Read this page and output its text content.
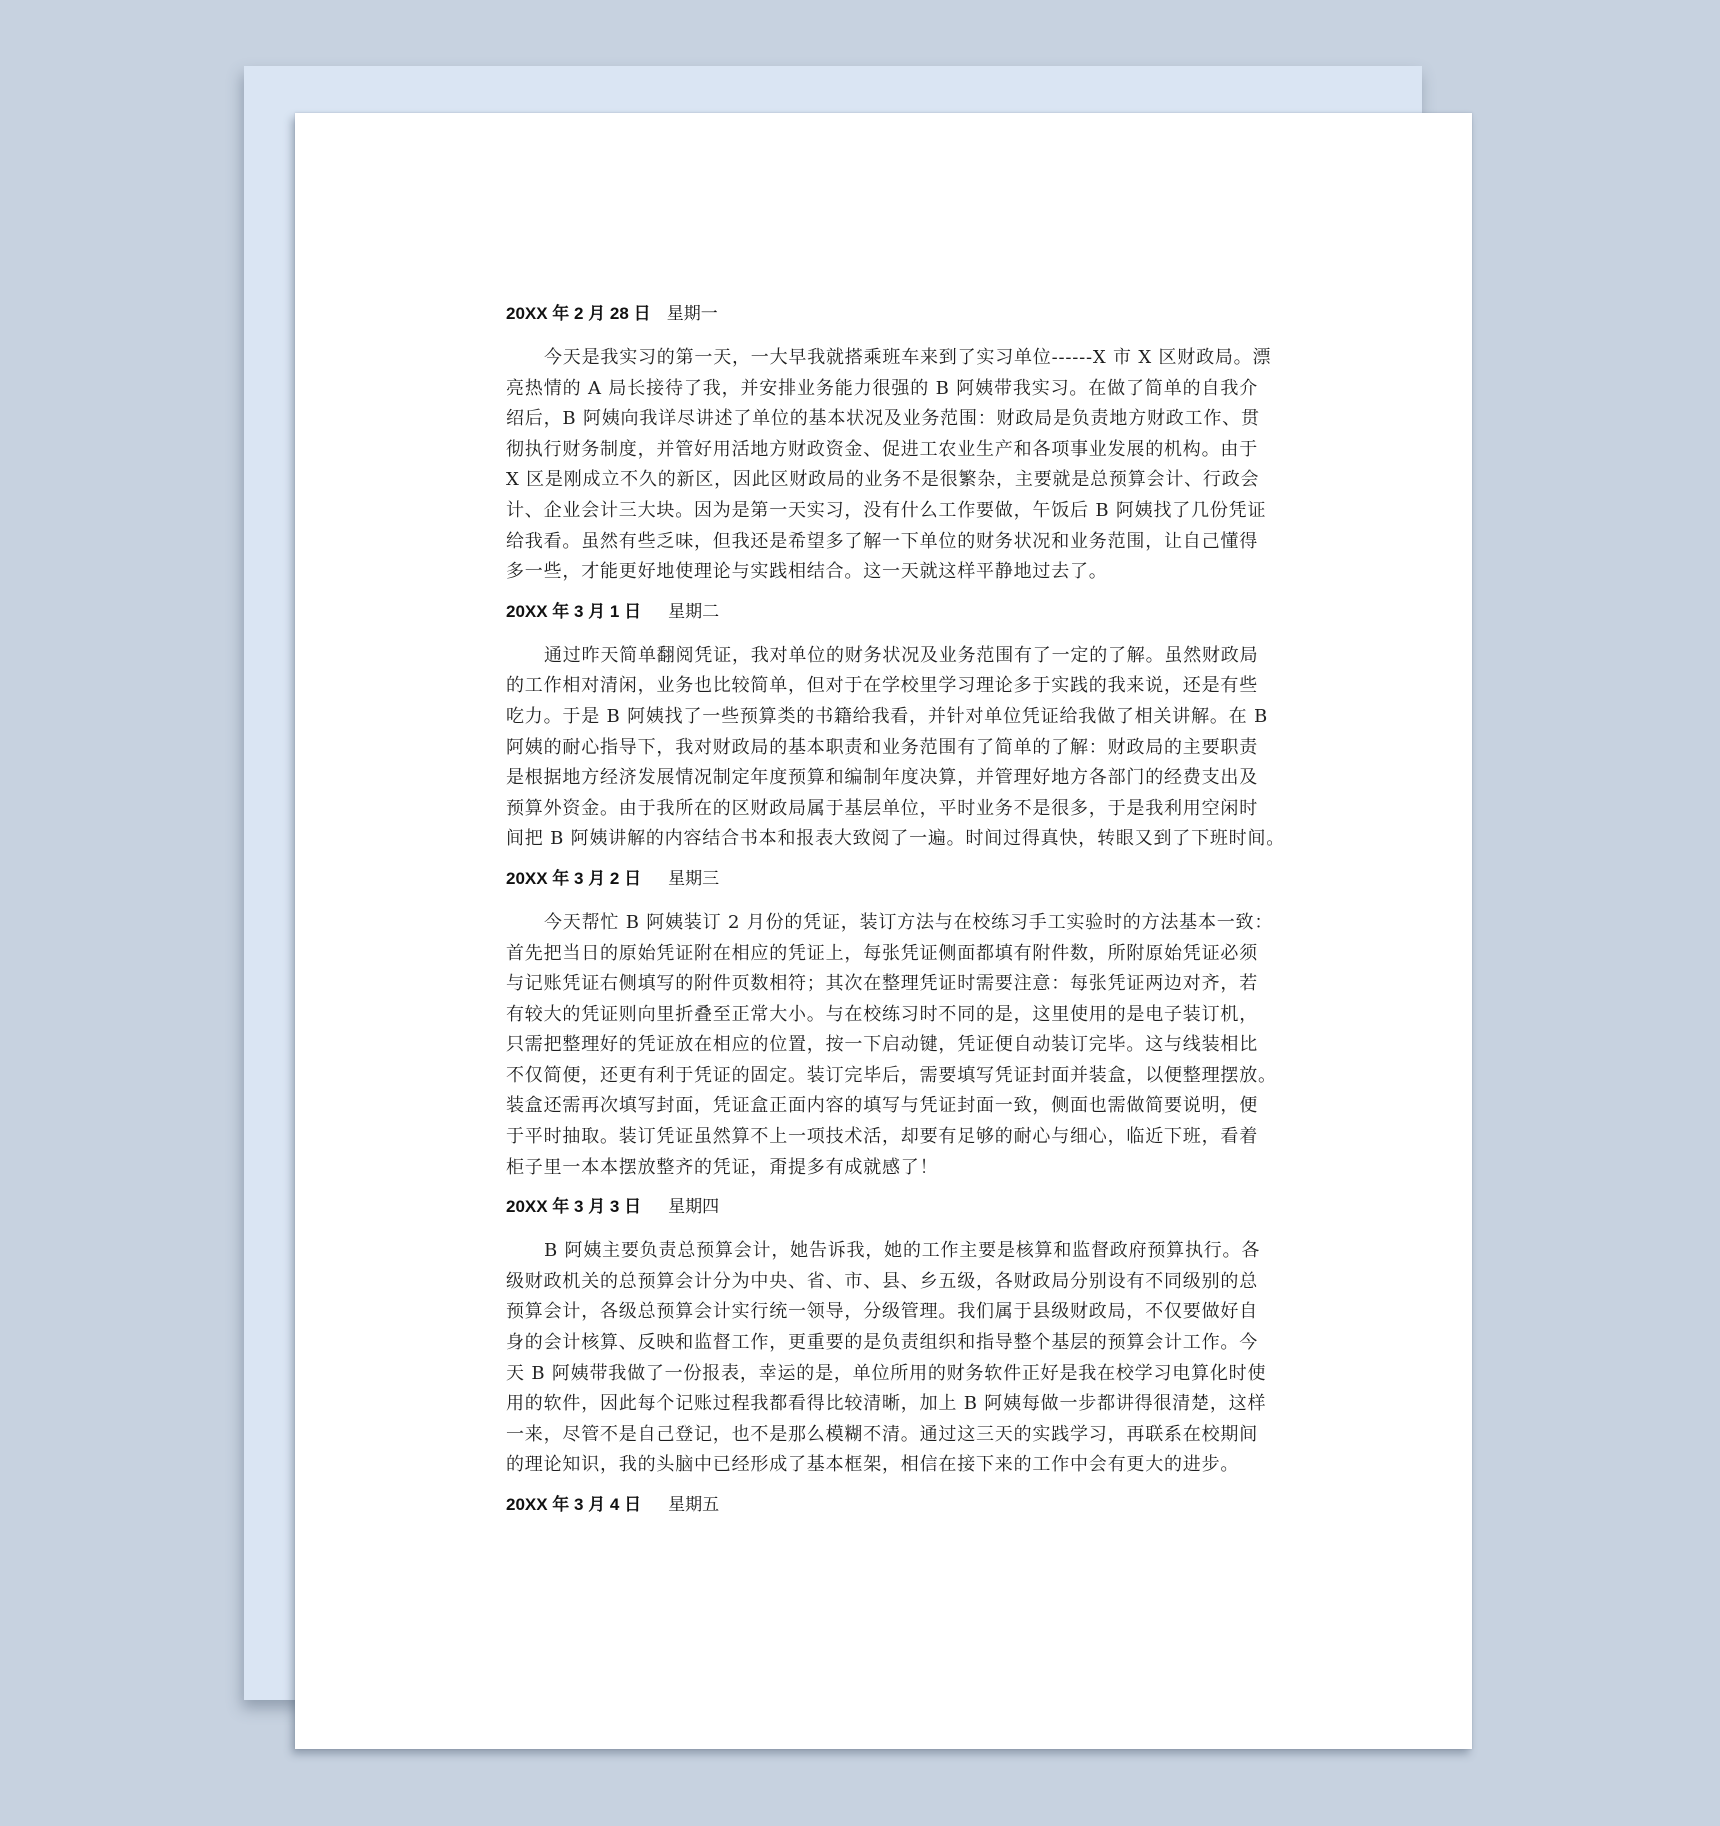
20XX 年 2 月 28 日 星期一
今天是我实习的第一天，一大早我就搭乘班车来到了实习单位------X 市 X 区财政局。漂
亮热情的 A 局长接待了我，并安排业务能力很强的 B 阿姨带我实习。在做了简单的自我介
绍后，B 阿姨向我详尽讲述了单位的基本状况及业务范围：财政局是负责地方财政工作、贯
彻执行财务制度，并管好用活地方财政资金、促进工农业生产和各项事业发展的机构。由于
X 区是刚成立不久的新区，因此区财政局的业务不是很繁杂，主要就是总预算会计、行政会
计、企业会计三大块。因为是第一天实习，没有什么工作要做，午饭后 B 阿姨找了几份凭证
给我看。虽然有些乏味，但我还是希望多了解一下单位的财务状况和业务范围，让自己懂得
多一些，才能更好地使理论与实践相结合。这一天就这样平静地过去了。
20XX 年 3 月 1 日 星期二
通过昨天简单翻阅凭证，我对单位的财务状况及业务范围有了一定的了解。虽然财政局
的工作相对清闲，业务也比较简单，但对于在学校里学习理论多于实践的我来说，还是有些
吃力。于是 B 阿姨找了一些预算类的书籍给我看，并针对单位凭证给我做了相关讲解。在 B
阿姨的耐心指导下，我对财政局的基本职责和业务范围有了简单的了解：财政局的主要职责
是根据地方经济发展情况制定年度预算和编制年度决算，并管理好地方各部门的经费支出及
预算外资金。由于我所在的区财政局属于基层单位，平时业务不是很多，于是我利用空闲时
间把 B 阿姨讲解的内容结合书本和报表大致阅了一遍。时间过得真快，转眼又到了下班时间。
20XX 年 3 月 2 日 星期三
今天帮忙 B 阿姨装订 2 月份的凭证，装订方法与在校练习手工实验时的方法基本一致：
首先把当日的原始凭证附在相应的凭证上，每张凭证侧面都填有附件数，所附原始凭证必须
与记账凭证右侧填写的附件页数相符；其次在整理凭证时需要注意：每张凭证两边对齐，若
有较大的凭证则向里折叠至正常大小。与在校练习时不同的是，这里使用的是电子装订机，
只需把整理好的凭证放在相应的位置，按一下启动键，凭证便自动装订完毕。这与线装相比
不仅简便，还更有利于凭证的固定。装订完毕后，需要填写凭证封面并装盒，以便整理摆放。
装盒还需再次填写封面，凭证盒正面内容的填写与凭证封面一致，侧面也需做简要说明，便
于平时抽取。装订凭证虽然算不上一项技术活，却要有足够的耐心与细心，临近下班，看着
柜子里一本本摆放整齐的凭证，甭提多有成就感了！
20XX 年 3 月 3 日 星期四
B 阿姨主要负责总预算会计，她告诉我，她的工作主要是核算和监督政府预算执行。各
级财政机关的总预算会计分为中央、省、市、县、乡五级，各财政局分别设有不同级别的总
预算会计，各级总预算会计实行统一领导，分级管理。我们属于县级财政局，不仅要做好自
身的会计核算、反映和监督工作，更重要的是负责组织和指导整个基层的预算会计工作。今
天 B 阿姨带我做了一份报表，幸运的是，单位所用的财务软件正好是我在校学习电算化时使
用的软件，因此每个记账过程我都看得比较清晰，加上 B 阿姨每做一步都讲得很清楚，这样
一来，尽管不是自己登记，也不是那么模糊不清。通过这三天的实践学习，再联系在校期间
的理论知识，我的头脑中已经形成了基本框架，相信在接下来的工作中会有更大的进步。
20XX 年 3 月 4 日 星期五
